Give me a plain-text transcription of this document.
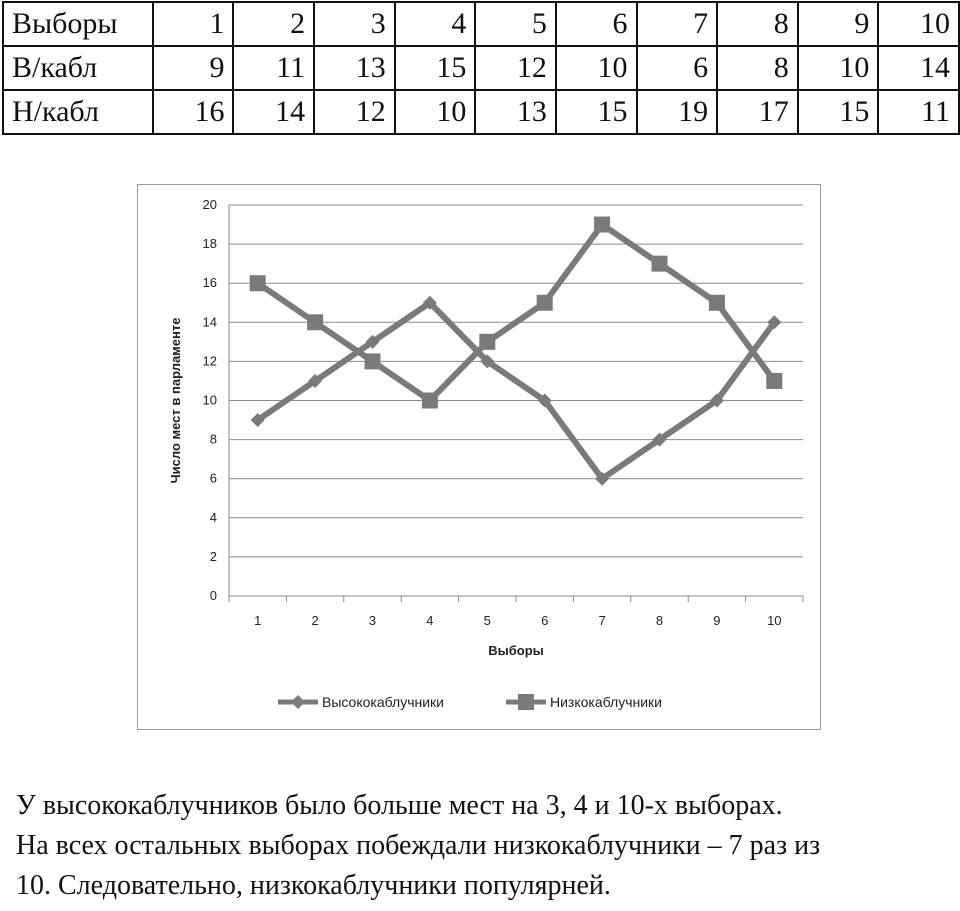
Выборы	1	2	3	4	5	6	7	8	9	10
В/кабл	9	11	13	15	12	10	6	8	10	14
Н/кабл	16	14	12	10	13	15	19	17	15	11
0
2
4
6
8
10
12
14
16
18
20
1	2	3	4	5	6	7	8	9	10
Выборы
Число мест в парламенте
Высококаблучники	Низкокаблучники

У высококаблучников было больше мест на 3, 4 и 10-х выборах.

На всех остальных выборах побеждали низкокаблучники – 7 раз из

10. Следовательно, низкокаблучники популярней.
